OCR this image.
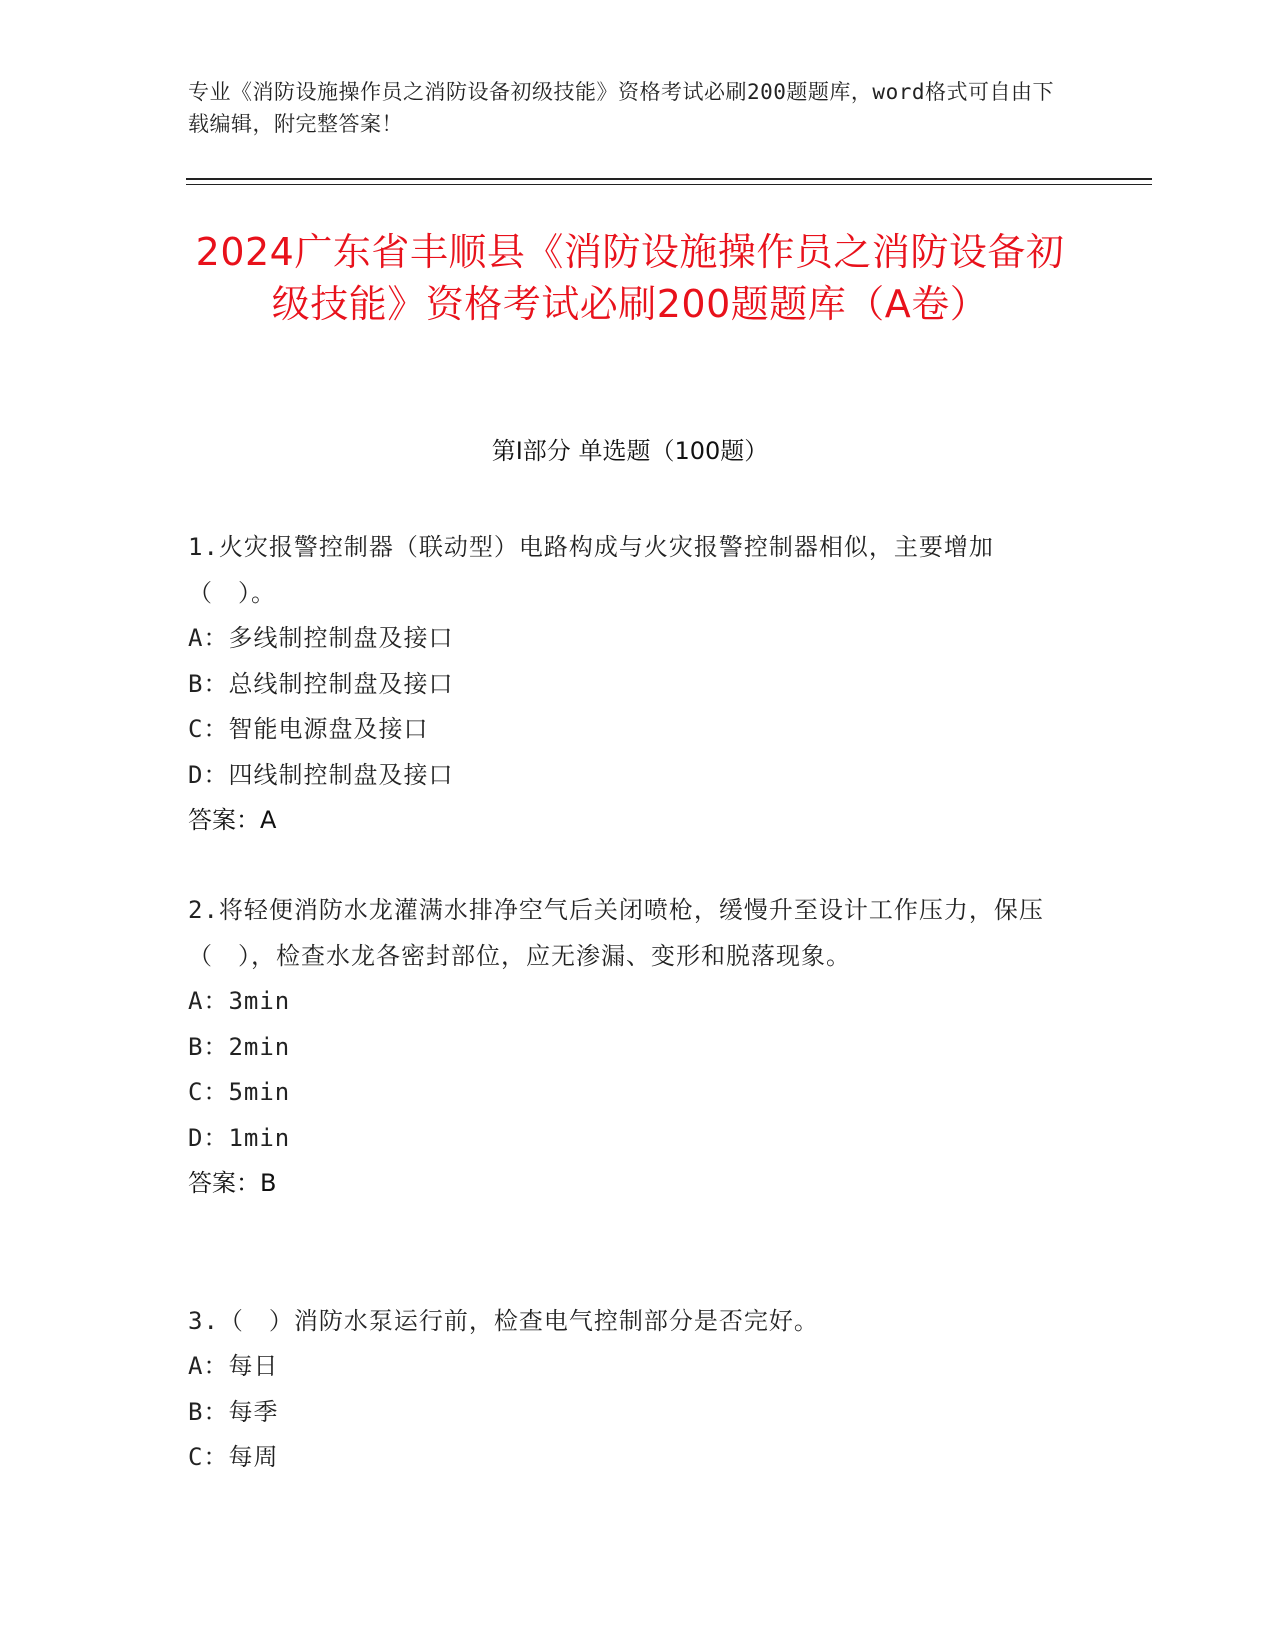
专业《消防设施操作员之消防设备初级技能》资格考试必刷200题题库，word格式可自由下载编辑，附完整答案！
2024广东省丰顺县《消防设施操作员之消防设备初级技能》资格考试必刷200题题库（A卷）
第Ⅰ部分 单选题（100题）

1.火灾报警控制器（联动型）电路构成与火灾报警控制器相似，主要增加（　）。

A：多线制控制盘及接口

B：总线制控制盘及接口

C：智能电源盘及接口

D：四线制控制盘及接口

答案：A

2.将轻便消防水龙灌满水排净空气后关闭喷枪，缓慢升至设计工作压力，保压（　），检查水龙各密封部位，应无渗漏、变形和脱落现象。

A：3min

B：2min

C：5min

D：1min

答案：B

3.（　）消防水泵运行前，检查电气控制部分是否完好。

A：每日

B：每季

C：每周
